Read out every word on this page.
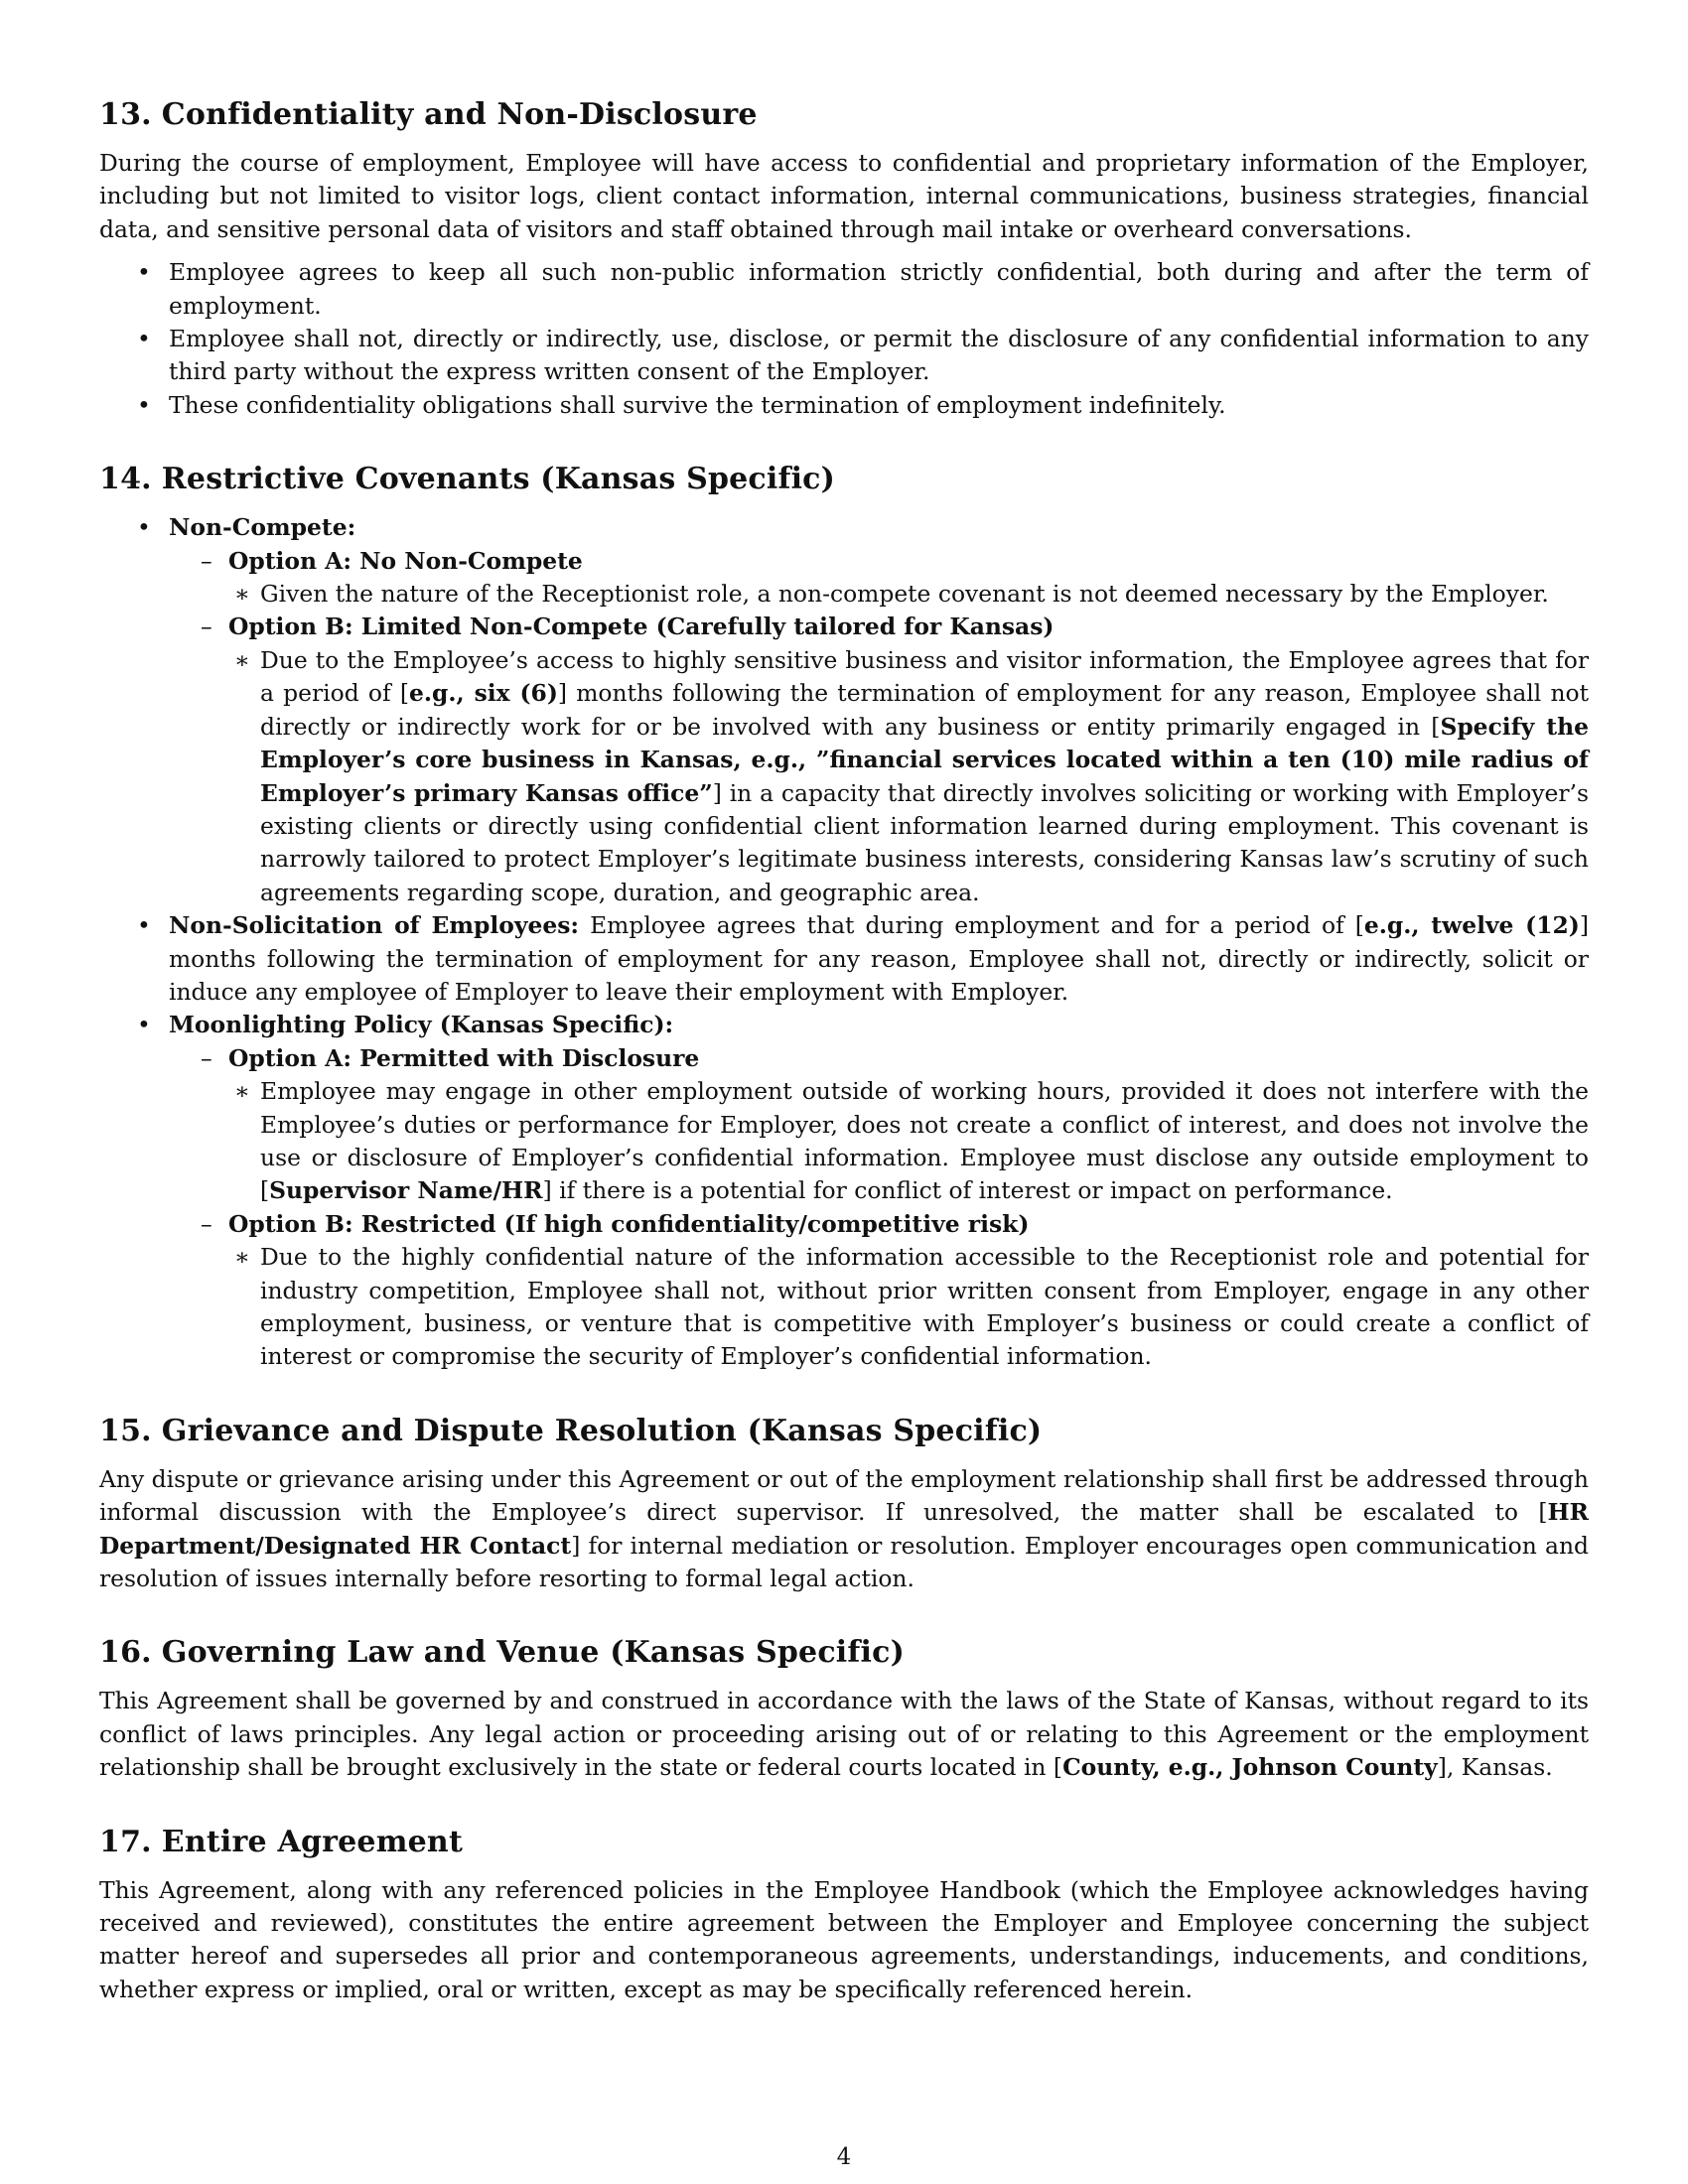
13. Confidentiality and Non-Disclosure

During the course of employment, Employee will have access to confidential and proprietary information of the Employer, including but not limited to visitor logs, client contact information, internal communications, business strategies, financial data, and sensitive personal data of visitors and staff obtained through mail intake or overheard conversations.

• Employee agrees to keep all such non-public information strictly confidential, both during and after the term of employment.
• Employee shall not, directly or indirectly, use, disclose, or permit the disclosure of any confidential information to any third party without the express written consent of the Employer.
• These confidentiality obligations shall survive the termination of employment indefinitely.
14. Restrictive Covenants (Kansas Specific)
• Non-Compete:
– Option A: No Non-Compete
∗ Given the nature of the Receptionist role, a non-compete covenant is not deemed necessary by the Employer.
– Option B: Limited Non-Compete (Carefully tailored for Kansas)
∗ Due to the Employee’s access to highly sensitive business and visitor information, the Employee agrees that for a period of [e.g., six (6)] months following the termination of employment for any reason, Employee shall not directly or indirectly work for or be involved with any business or entity primarily engaged in [Specify the Employer’s core business in Kansas, e.g., ”financial services located within a ten (10) mile radius of Employer’s primary Kansas office”] in a capacity that directly involves soliciting or working with Employer’s existing clients or directly using confidential client information learned during employment. This covenant is narrowly tailored to protect Employer’s legitimate business interests, considering Kansas law’s scrutiny of such agreements regarding scope, duration, and geographic area.
• Non-Solicitation of Employees: Employee agrees that during employment and for a period of [e.g., twelve (12)] months following the termination of employment for any reason, Employee shall not, directly or indirectly, solicit or induce any employee of Employer to leave their employment with Employer.
• Moonlighting Policy (Kansas Specific):
– Option A: Permitted with Disclosure
∗ Employee may engage in other employment outside of working hours, provided it does not interfere with the Employee’s duties or performance for Employer, does not create a conflict of interest, and does not involve the use or disclosure of Employer’s confidential information. Employee must disclose any outside employment to [Supervisor Name/HR] if there is a potential for conflict of interest or impact on performance.
– Option B: Restricted (If high confidentiality/competitive risk)
∗ Due to the highly confidential nature of the information accessible to the Receptionist role and potential for industry competition, Employee shall not, without prior written consent from Employer, engage in any other employment, business, or venture that is competitive with Employer’s business or could create a conflict of interest or compromise the security of Employer’s confidential information.
15. Grievance and Dispute Resolution (Kansas Specific)

Any dispute or grievance arising under this Agreement or out of the employment relationship shall first be addressed through informal discussion with the Employee’s direct supervisor. If unresolved, the matter shall be escalated to [HR Department/Designated HR Contact] for internal mediation or resolution. Employer encourages open communication and resolution of issues internally before resorting to formal legal action.

16. Governing Law and Venue (Kansas Specific)

This Agreement shall be governed by and construed in accordance with the laws of the State of Kansas, without regard to its conflict of laws principles. Any legal action or proceeding arising out of or relating to this Agreement or the employment relationship shall be brought exclusively in the state or federal courts located in [County, e.g., Johnson County], Kansas.

17. Entire Agreement

This Agreement, along with any referenced policies in the Employee Handbook (which the Employee acknowledges having received and reviewed), constitutes the entire agreement between the Employer and Employee concerning the subject matter hereof and supersedes all prior and contemporaneous agreements, understandings, inducements, and conditions, whether express or implied, oral or written, except as may be specifically referenced herein.

4
